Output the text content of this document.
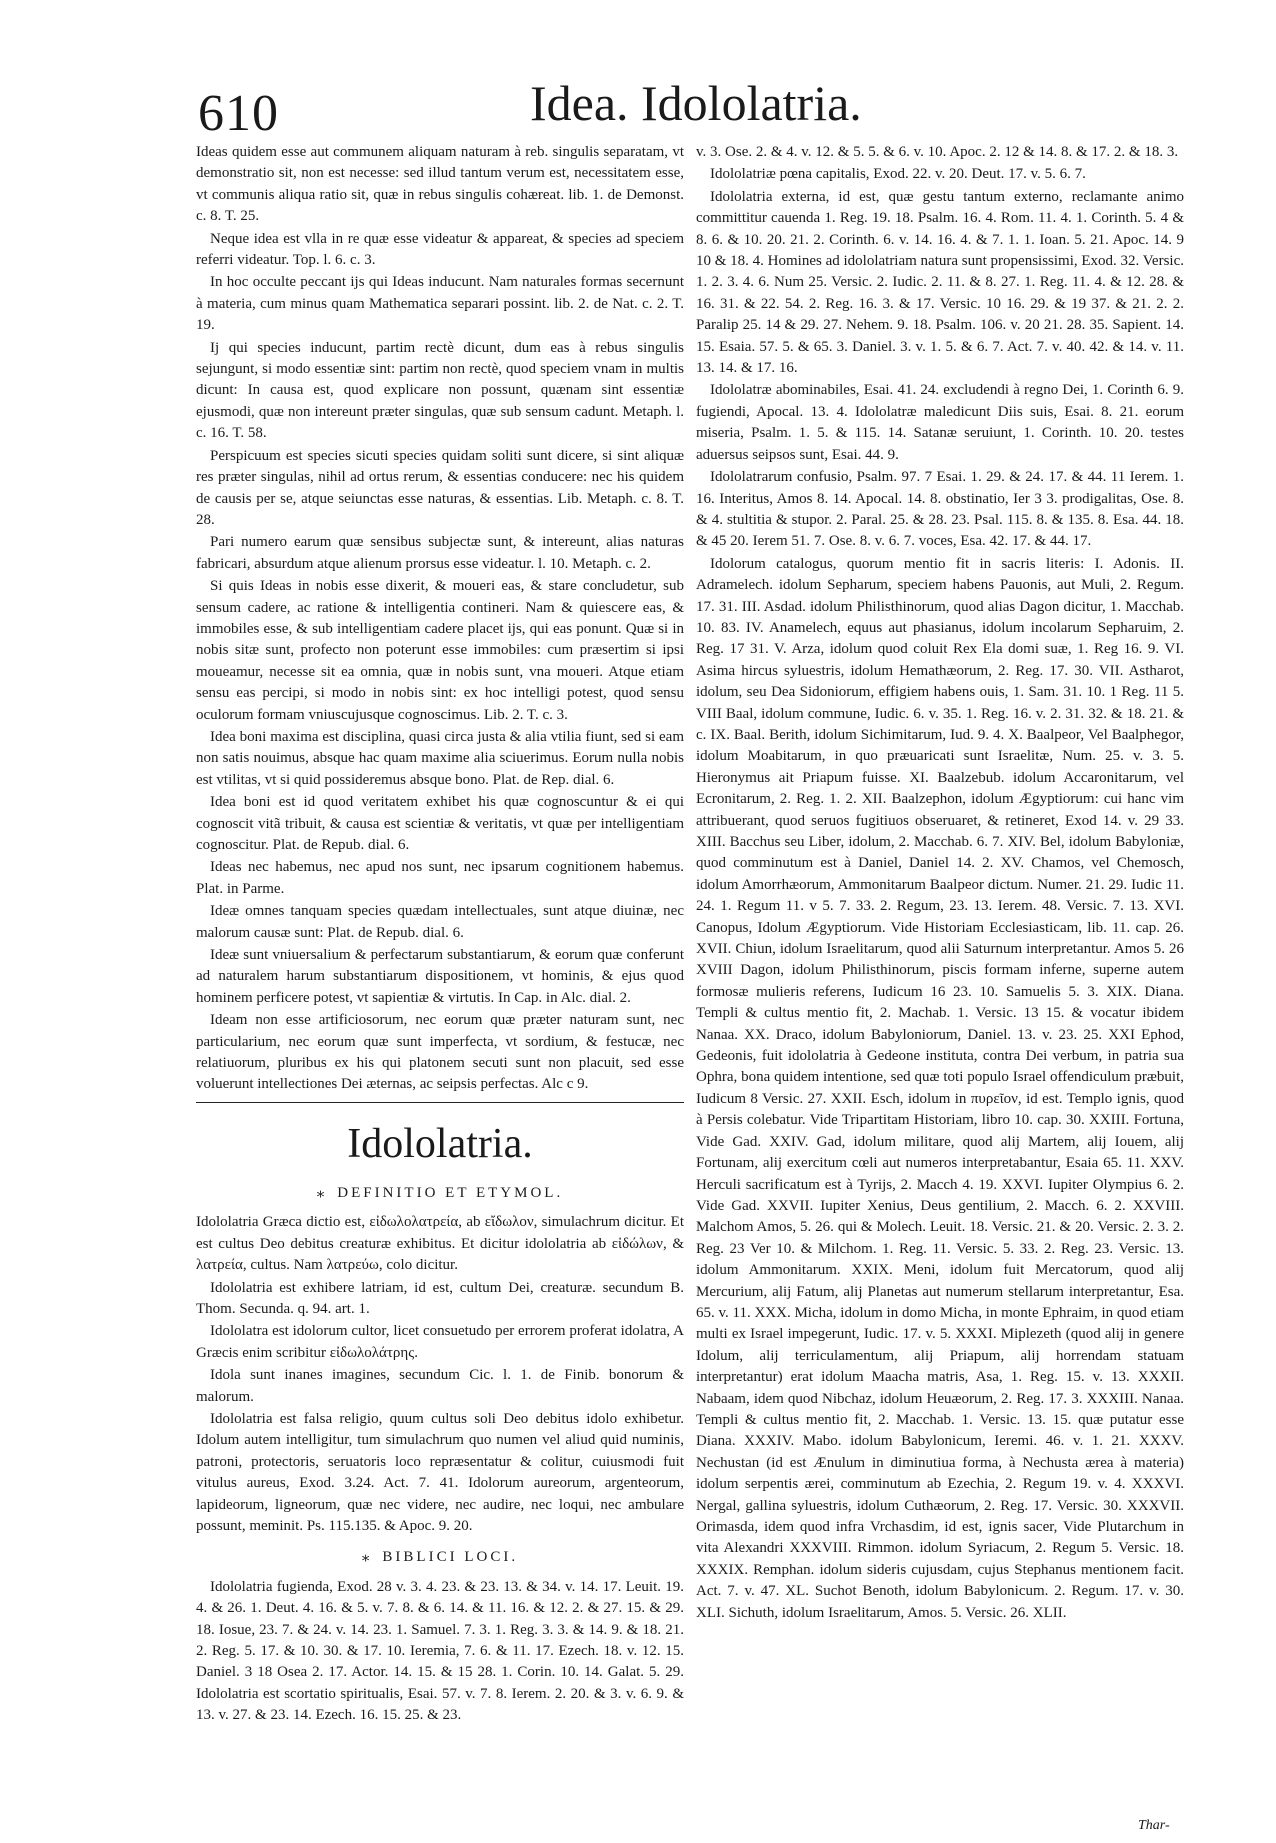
610	Idea. Idololatria.

Ideas quidem esse aut communem aliquam naturam à reb. singulis separatam, vt demonstratio sit, non est necesse: sed illud tantum verum est, necessitatem esse, vt communis aliqua ratio sit, quæ in rebus singulis cohæreat. lib. 1. de Demonst. c. 8. T. 25.

Neque idea est vlla in re quæ esse videatur & appareat, & species ad speciem referri videatur. Top. l. 6. c. 3.

In hoc occulte peccant ijs qui Ideas inducunt. Nam naturales formas secernunt à materia, cum minus quam Mathematica separari possint. lib. 2. de Nat. c. 2. T. 19.

Ij qui species inducunt, partim rectè dicunt, dum eas à rebus singulis sejungunt, si modo essentiæ sint: partim non rectè, quod speciem vnam in multis dicunt: In causa est, quod explicare non possunt, quænam sint essentiæ ejusmodi, quæ non intereunt præter singulas, quæ sub sensum cadunt. Metaph. l. c. 16. T. 58.

Perspicuum est species sicuti species quidam soliti sunt dicere, si sint aliquæ res præter singulas, nihil ad ortus rerum, & essentias conducere: nec his quidem de causis per se, atque seiunctas esse naturas, & essentias. Lib. Metaph. c. 8. T. 28.

Pari numero earum quæ sensibus subjectæ sunt, & intereunt, alias naturas fabricari, absurdum atque alienum prorsus esse videatur. l. 10. Metaph. c. 2.

Si quis Ideas in nobis esse dixerit, & moueri eas, & stare concludetur, sub sensum cadere, ac ratione & intelligentia contineri. Nam & quiescere eas, & immobiles esse, & sub intelligentiam cadere placet ijs, qui eas ponunt. Quæ si in nobis sitæ sunt, profecto non poterunt esse immobiles: cum præsertim si ipsi moueamur, necesse sit ea omnia, quæ in nobis sunt, vna moueri. Atque etiam sensu eas percipi, si modo in nobis sint: ex hoc intelligi potest, quod sensu oculorum formam vniuscujusque cognoscimus. Lib. 2. T. c. 3.

Idea boni maxima est disciplina, quasi circa justa & alia vtilia fiunt, sed si eam non satis nouimus, absque hac quam maxime alia sciuerimus. Eorum nulla nobis est vtilitas, vt si quid possideremus absque bono. Plat. de Rep. dial. 6.

Idea boni est id quod veritatem exhibet his quæ cognoscuntur & ei qui cognoscit vitã tribuit, & causa est scientiæ & veritatis, vt quæ per intelligentiam cognoscitur. Plat. de Repub. dial. 6.

Ideas nec habemus, nec apud nos sunt, nec ipsarum cognitionem habemus. Plat. in Parme.

Ideæ omnes tanquam species quædam intellectuales, sunt atque diuinæ, nec malorum causæ sunt: Plat. de Repub. dial. 6.

Ideæ sunt vniuersalium & perfectarum substantiarum, & eorum quæ conferunt ad naturalem harum substantiarum dispositionem, vt hominis, & ejus quod hominem perficere potest, vt sapientiæ & virtutis. In Cap. in Alc. dial. 2.

Ideam non esse artificiosorum, nec eorum quæ præter naturam sunt, nec particularium, nec eorum quæ sunt imperfecta, vt sordium, & festucæ, nec relatiuorum, pluribus ex his qui platonem secuti sunt non placuit, sed esse voluerunt intellectiones Dei æternas, ac seipsis perfectas. Alc c 9.

Idololatria.
⁎ DEFINITIO ET ETYMOL.

Idololatria Græca dictio est, εἰδωλολατρεία, ab εἴδωλον, simulachrum dicitur. Et est cultus Deo debitus creaturæ exhibitus. Et dicitur idololatria ab εἰδώλων, & λατρεία, cultus. Nam λατρεύω, colo dicitur.

Idololatria est exhibere latriam, id est, cultum Dei, creaturæ. secundum B. Thom. Secunda. q. 94. art. 1.

Idololatra est idolorum cultor, licet consuetudo per errorem proferat idolatra, A Græcis enim scribitur εἰδωλολάτρης.

Idola sunt inanes imagines, secundum Cic. l. 1. de Finib. bonorum & malorum.

Idololatria est falsa religio, quum cultus soli Deo debitus idolo exhibetur. Idolum autem intelligitur, tum simulachrum quo numen vel aliud quid numinis, patroni, protectoris, seruatoris loco repræsentatur & colitur, cuiusmodi fuit vitulus aureus, Exod. 3.24. Act. 7. 41. Idolorum aureorum, argenteorum, lapideorum, ligneorum, quæ nec videre, nec audire, nec loqui, nec ambulare possunt, meminit. Ps. 115.135. & Apoc. 9. 20.

⁎ BIBLICI LOCI.

Idololatria fugienda, Exod. 28 v. 3. 4. 23. & 23. 13. & 34. v. 14. 17. Leuit. 19. 4. & 26. 1. Deut. 4. 16. & 5. v. 7. 8. & 6. 14. & 11. 16. & 12. 2. & 27. 15. & 29. 18. Iosue, 23. 7. & 24. v. 14. 23. 1. Samuel. 7. 3. 1. Reg. 3. 3. & 14. 9. & 18. 21. 2. Reg. 5. 17. & 10. 30. & 17. 10. Ieremia, 7. 6. & 11. 17. Ezech. 18. v. 12. 15. Daniel. 3 18 Osea 2. 17. Actor. 14. 15. & 15 28. 1. Corin. 10. 14. Galat. 5. 29. Idololatria est scortatio spiritualis, Esai. 57. v. 7. 8. Ierem. 2. 20. & 3. v. 6. 9. & 13. v. 27. & 23. 14. Ezech. 16. 15. 25. & 23.

v. 3. Ose. 2. & 4. v. 12. & 5. 5. & 6. v. 10. Apoc. 2. 12 & 14. 8. & 17. 2. & 18. 3.

Idololatriæ pœna capitalis, Exod. 22. v. 20. Deut. 17. v. 5. 6. 7.

Idololatria externa, id est, quæ gestu tantum externo, reclamante animo committitur cauenda 1. Reg. 19. 18. Psalm. 16. 4. Rom. 11. 4. 1. Corinth. 5. 4 & 8. 6. & 10. 20. 21. 2. Corinth. 6. v. 14. 16. 4. & 7. 1. 1. Ioan. 5. 21. Apoc. 14. 9 10 & 18. 4. Homines ad idololatriam natura sunt propensissimi, Exod. 32. Versic. 1. 2. 3. 4. 6. Num 25. Versic. 2. Iudic. 2. 11. & 8. 27. 1. Reg. 11. 4. & 12. 28. & 16. 31. & 22. 54. 2. Reg. 16. 3. & 17. Versic. 10 16. 29. & 19 37. & 21. 2. 2. Paralip 25. 14 & 29. 27. Nehem. 9. 18. Psalm. 106. v. 20 21. 28. 35. Sapient. 14. 15. Esaia. 57. 5. & 65. 3. Daniel. 3. v. 1. 5. & 6. 7. Act. 7. v. 40. 42. & 14. v. 11. 13. 14. & 17. 16.

Idololatræ abominabiles, Esai. 41. 24. excludendi à regno Dei, 1. Corinth 6. 9. fugiendi, Apocal. 13. 4. Idololatræ maledicunt Diis suis, Esai. 8. 21. eorum miseria, Psalm. 1. 5. & 115. 14. Satanæ seruiunt, 1. Corinth. 10. 20. testes aduersus seipsos sunt, Esai. 44. 9.

Idololatrarum confusio, Psalm. 97. 7 Esai. 1. 29. & 24. 17. & 44. 11 Ierem. 1. 16. Interitus, Amos 8. 14. Apocal. 14. 8. obstinatio, Ier 3 3. prodigalitas, Ose. 8. & 4. stultitia & stupor. 2. Paral. 25. & 28. 23. Psal. 115. 8. & 135. 8. Esa. 44. 18. & 45 20. Ierem 51. 7. Ose. 8. v. 6. 7. voces, Esa. 42. 17. & 44. 17.

Idolorum catalogus, quorum mentio fit in sacris literis: I. Adonis. II. Adramelech. idolum Sepharum, speciem habens Pauonis, aut Muli, 2. Regum. 17. 31. III. Asdad. idolum Philisthinorum, quod alias Dagon dicitur, 1. Macchab. 10. 83. IV. Anamelech, equus aut phasianus, idolum incolarum Sepharuim, 2. Reg. 17 31. V. Arza, idolum quod coluit Rex Ela domi suæ, 1. Reg 16. 9. VI. Asima hircus syluestris, idolum Hemathæorum, 2. Reg. 17. 30. VII. Astharot, idolum, seu Dea Sidoniorum, effigiem habens ouis, 1. Sam. 31. 10. 1 Reg. 11 5. VIII Baal, idolum commune, Iudic. 6. v. 35. 1. Reg. 16. v. 2. 31. 32. & 18. 21. & c. IX. Baal. Berith, idolum Sichimitarum, Iud. 9. 4. X. Baalpeor, Vel Baalphegor, idolum Moabitarum, in quo præuaricati sunt Israelitæ, Num. 25. v. 3. 5. Hieronymus ait Priapum fuisse. XI. Baalzebub. idolum Accaronitarum, vel Ecronitarum, 2. Reg. 1. 2. XII. Baalzephon, idolum Ægyptiorum: cui hanc vim attribuerant, quod seruos fugitiuos obseruaret, & retineret, Exod 14. v. 29 33. XIII. Bacchus seu Liber, idolum, 2. Macchab. 6. 7. XIV. Bel, idolum Babyloniæ, quod comminutum est à Daniel, Daniel 14. 2. XV. Chamos, vel Chemosch, idolum Amorrhæorum, Ammonitarum Baalpeor dictum. Numer. 21. 29. Iudic 11. 24. 1. Regum 11. v 5. 7. 33. 2. Regum, 23. 13. Ierem. 48. Versic. 7. 13. XVI. Canopus, Idolum Ægyptiorum. Vide Historiam Ecclesiasticam, lib. 11. cap. 26. XVII. Chiun, idolum Israelitarum, quod alii Saturnum interpretantur. Amos 5. 26 XVIII Dagon, idolum Philisthinorum, piscis formam inferne, superne autem formosæ mulieris referens, Iudicum 16 23. 10. Samuelis 5. 3. XIX. Diana. Templi & cultus mentio fit, 2. Machab. 1. Versic. 13 15. & vocatur ibidem Nanaa. XX. Draco, idolum Babyloniorum, Daniel. 13. v. 23. 25. XXI Ephod, Gedeonis, fuit idololatria à Gedeone instituta, contra Dei verbum, in patria sua Ophra, bona quidem intentione, sed quæ toti populo Israel offendiculum præbuit, Iudicum 8 Versic. 27. XXII. Esch, idolum in πυρεῖον, id est. Templo ignis, quod à Persis colebatur. Vide Tripartitam Historiam, libro 10. cap. 30. XXIII. Fortuna, Vide Gad. XXIV. Gad, idolum militare, quod alij Martem, alij Iouem, alij Fortunam, alij exercitum cœli aut numeros interpretabantur, Esaia 65. 11. XXV. Herculi sacrificatum est à Tyrijs, 2. Macch 4. 19. XXVI. Iupiter Olympius 6. 2. Vide Gad. XXVII. Iupiter Xenius, Deus gentilium, 2. Macch. 6. 2. XXVIII. Malchom Amos, 5. 26. qui & Molech. Leuit. 18. Versic. 21. & 20. Versic. 2. 3. 2. Reg. 23 Ver 10. & Milchom. 1. Reg. 11. Versic. 5. 33. 2. Reg. 23. Versic. 13. idolum Ammonitarum. XXIX. Meni, idolum fuit Mercatorum, quod alij Mercurium, alij Fatum, alij Planetas aut numerum stellarum interpretantur, Esa. 65. v. 11. XXX. Micha, idolum in domo Micha, in monte Ephraim, in quod etiam multi ex Israel impegerunt, Iudic. 17. v. 5. XXXI. Miplezeth (quod alij in genere Idolum, alij terriculamentum, alij Priapum, alij horrendam statuam interpretantur) erat idolum Maacha matris, Asa, 1. Reg. 15. v. 13. XXXII. Nabaam, idem quod Nibchaz, idolum Heuæorum, 2. Reg. 17. 3. XXXIII. Nanaa. Templi & cultus mentio fit, 2. Macchab. 1. Versic. 13. 15. quæ putatur esse Diana. XXXIV. Mabo. idolum Babylonicum, Ieremi. 46. v. 1. 21. XXXV. Nechustan (id est Ænulum in diminutiua forma, à Nechusta ærea à materia) idolum serpentis ærei, comminutum ab Ezechia, 2. Regum 19. v. 4. XXXVI. Nergal, gallina syluestris, idolum Cuthæorum, 2. Reg. 17. Versic. 30. XXXVII. Orimasda, idem quod infra Vrchasdim, id est, ignis sacer, Vide Plutarchum in vita Alexandri XXXVIII. Rimmon. idolum Syriacum, 2. Regum 5. Versic. 18. XXXIX. Remphan. idolum sideris cujusdam, cujus Stephanus mentionem facit. Act. 7. v. 47. XL. Suchot Benoth, idolum Babylonicum. 2. Regum. 17. v. 30. XLI. Sichuth, idolum Israelitarum, Amos. 5. Versic. 26. XLII.

Thar-
